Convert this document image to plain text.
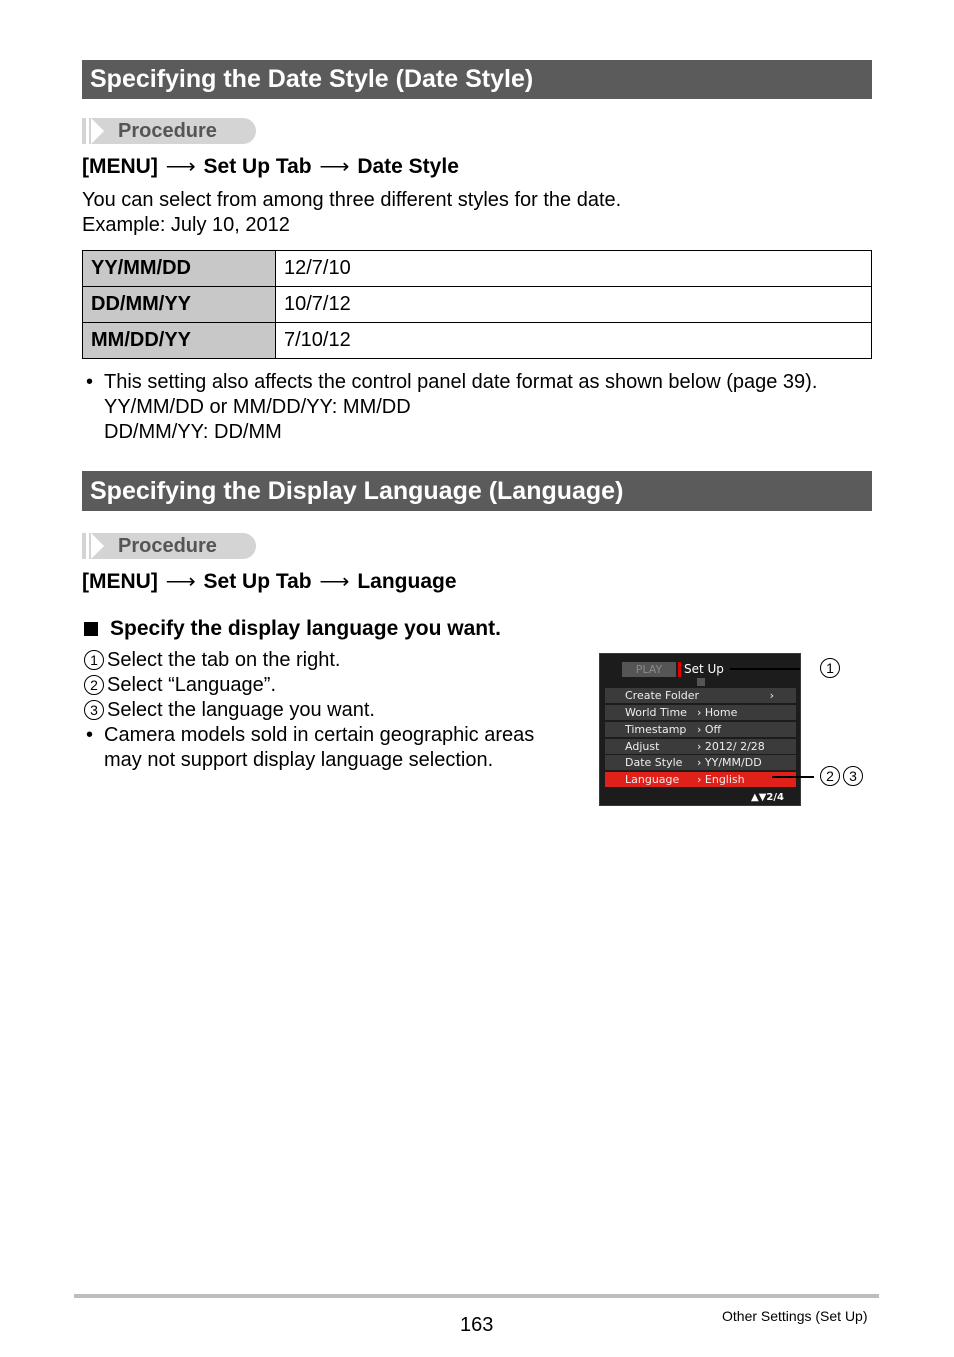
Specifying the Date Style (Date Style)
Procedure
[MENU] ⟶ Set Up Tab ⟶ Date Style
You can select from among three different styles for the date.
Example: July 10, 2012
YY/MM/DD	12/7/10
DD/MM/YY	10/7/12
MM/DD/YY	7/10/12
• This setting also affects the control panel date format as shown below (page 39).
YY/MM/DD or MM/DD/YY: MM/DD
DD/MM/YY: DD/MM
Specifying the Display Language (Language)
Procedure
[MENU] ⟶ Set Up Tab ⟶ Language
Specify the display language you want.
1 Select the tab on the right.
2 Select “Language”.
3 Select the language you want.
• Camera models sold in certain geographic areas
may not support display language selection.
PLAY	Set Up
Create Folder	›
World Time › Home
Timestamp › Off
Adjust	› 2012/ 2/28
Date Style › YY/MM/DD
Language › English
▲▼2/4
1
2 3
163	Other Settings (Set Up)
